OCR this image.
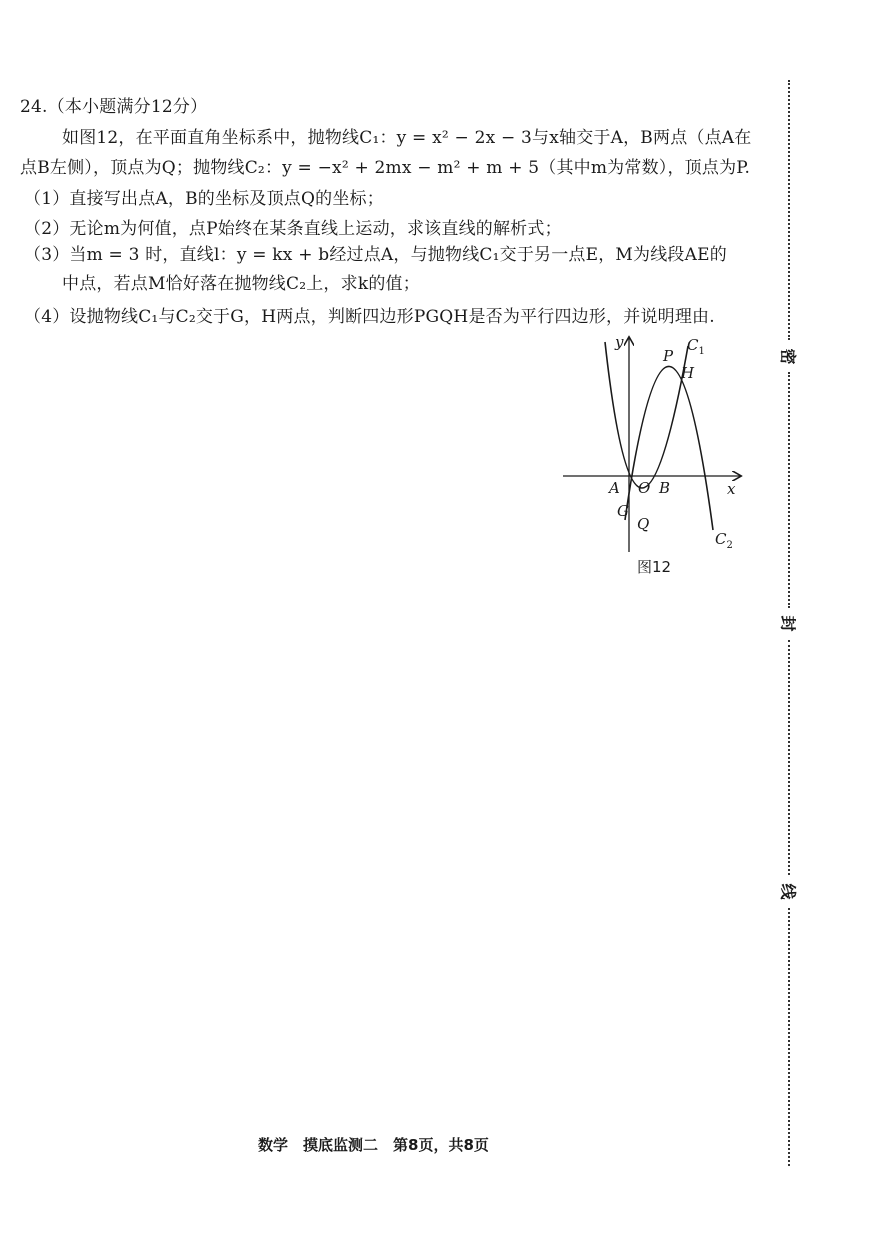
24.（本小题满分12分）
如图12，在平面直角坐标系中，抛物线C₁：y = x² − 2x − 3与x轴交于A，B两点（点A在
点B左侧），顶点为Q；抛物线C₂：y = −x² + 2mx − m² + m + 5（其中m为常数），顶点为P.
（1）直接写出点A，B的坐标及顶点Q的坐标；
（2）无论m为何值，点P始终在某条直线上运动，求该直线的解析式；
（3）当m = 3 时，直线l：y = kx + b经过点A，与抛物线C₁交于另一点E，M为线段AE的
中点，若点M恰好落在抛物线C₂上，求k的值；
（4）设抛物线C₁与C₂交于G，H两点，判断四边形PGQH是否为平行四边形，并说明理由.
y
x
$C_1$
$C_2$
P
H
A O B
G
Q
图12
密
封
线
数学　摸底监测二　第8页，共8页
